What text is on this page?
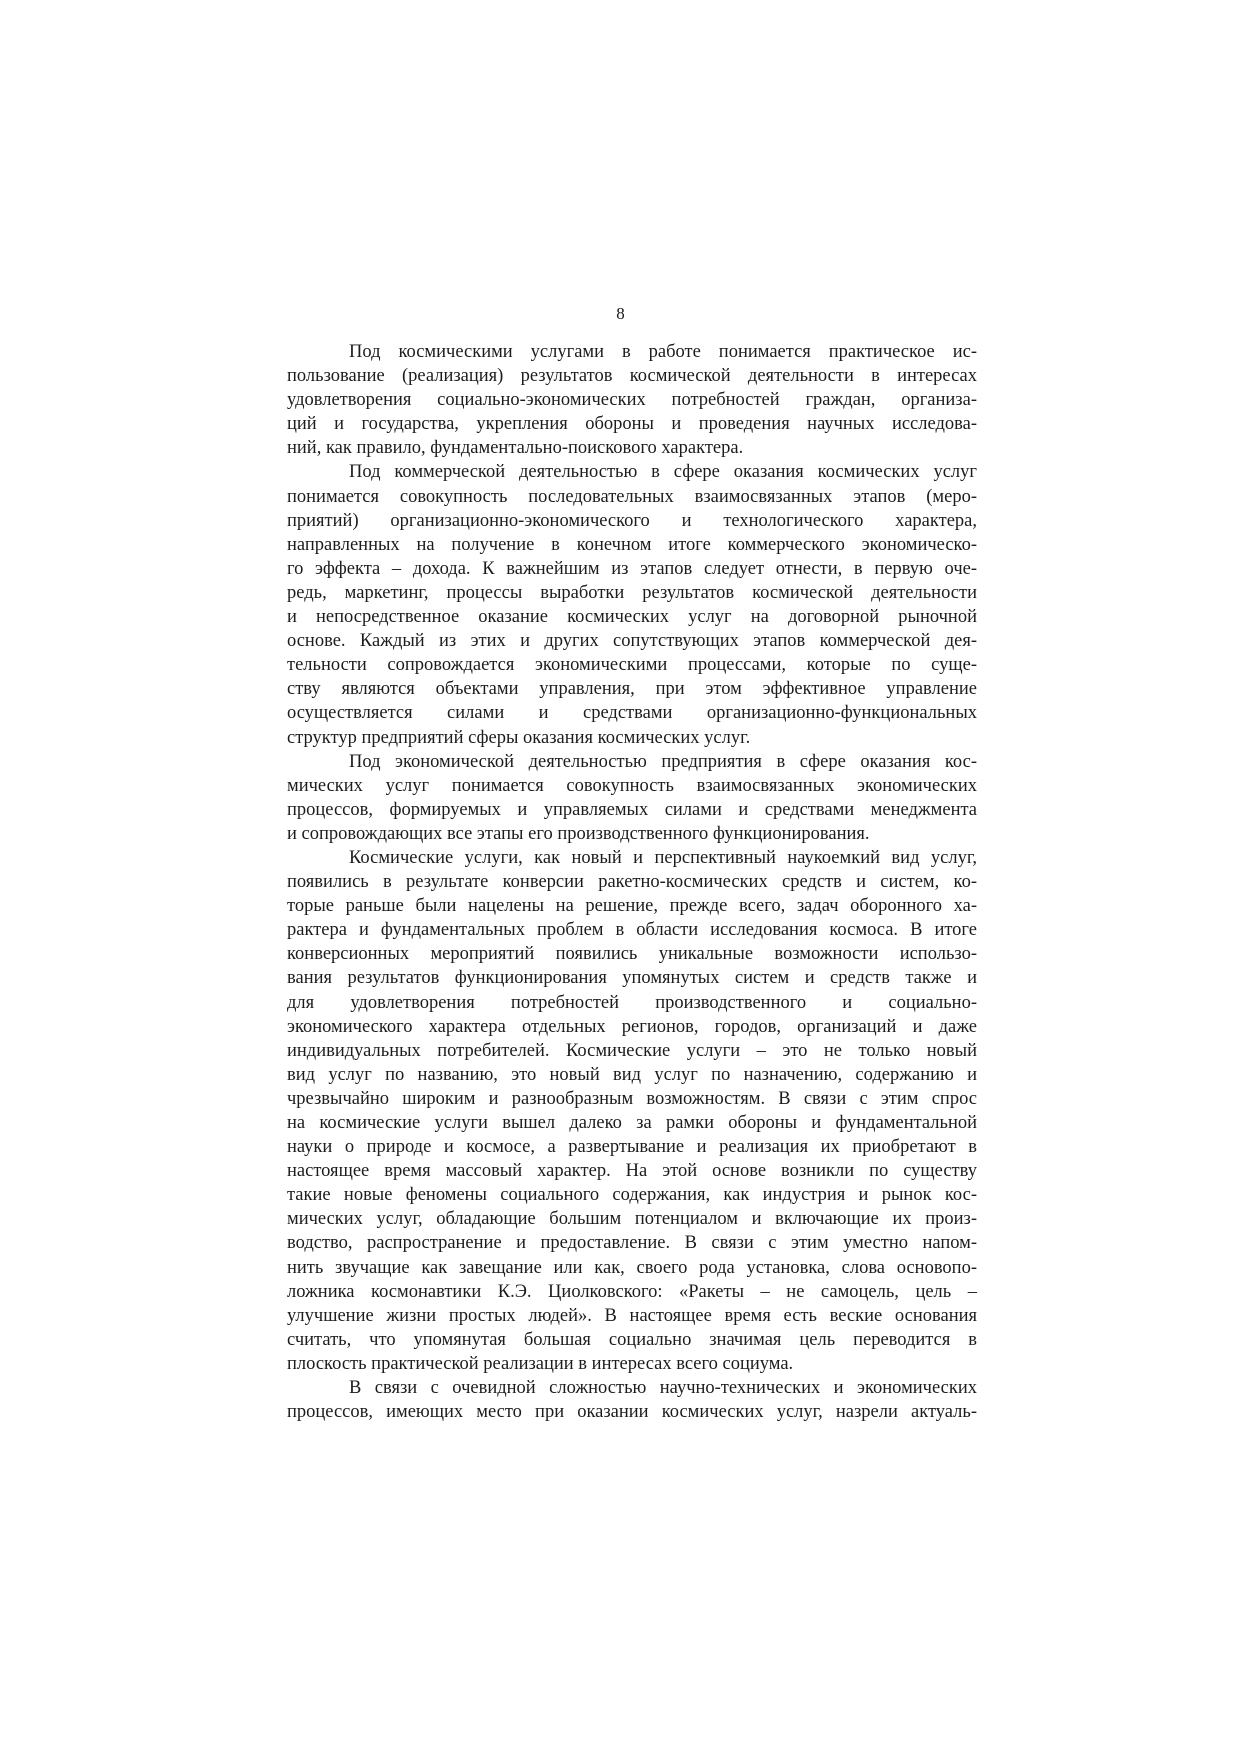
8
Под космическими услугами в работе понимается практическое ис-
пользование (реализация) результатов космической деятельности в интересах
удовлетворения социально-экономических потребностей граждан, организа-
ций и государства, укрепления обороны и проведения научных исследова-
ний, как правило, фундаментально-поискового характера.
Под коммерческой деятельностью в сфере оказания космических услуг
понимается совокупность последовательных взаимосвязанных этапов (меро-
приятий) организационно-экономического и технологического характера,
направленных на получение в конечном итоге коммерческого экономическо-
го эффекта – дохода. К важнейшим из этапов следует отнести, в первую оче-
редь, маркетинг, процессы выработки результатов космической деятельности
и непосредственное оказание космических услуг на договорной рыночной
основе. Каждый из этих и других сопутствующих этапов коммерческой дея-
тельности сопровождается экономическими процессами, которые по суще-
ству являются объектами управления, при этом эффективное управление
осуществляется силами и средствами организационно-функциональных
структур предприятий сферы оказания космических услуг.
Под экономической деятельностью предприятия в сфере оказания кос-
мических услуг понимается совокупность взаимосвязанных экономических
процессов, формируемых и управляемых силами и средствами менеджмента
и сопровождающих все этапы его производственного функционирования.
Космические услуги, как новый и перспективный наукоемкий вид услуг,
появились в результате конверсии ракетно-космических средств и систем, ко-
торые раньше были нацелены на решение, прежде всего, задач оборонного ха-
рактера и фундаментальных проблем в области исследования космоса. В итоге
конверсионных мероприятий появились уникальные возможности использо-
вания результатов функционирования упомянутых систем и средств также и
для удовлетворения потребностей производственного и социально-
экономического характера отдельных регионов, городов, организаций и даже
индивидуальных потребителей. Космические услуги – это не только новый
вид услуг по названию, это новый вид услуг по назначению, содержанию и
чрезвычайно широким и разнообразным возможностям. В связи с этим спрос
на космические услуги вышел далеко за рамки обороны и фундаментальной
науки о природе и космосе, а развертывание и реализация их приобретают в
настоящее время массовый характер. На этой основе возникли по существу
такие новые феномены социального содержания, как индустрия и рынок кос-
мических услуг, обладающие большим потенциалом и включающие их произ-
водство, распространение и предоставление. В связи с этим уместно напом-
нить звучащие как завещание или как, своего рода установка, слова основопо-
ложника космонавтики К.Э. Циолковского: «Ракеты – не самоцель, цель –
улучшение жизни простых людей». В настоящее время есть веские основания
считать, что упомянутая большая социально значимая цель переводится в
плоскость практической реализации в интересах всего социума.
В связи с очевидной сложностью научно-технических и экономических
процессов, имеющих место при оказании космических услуг, назрели актуаль-
